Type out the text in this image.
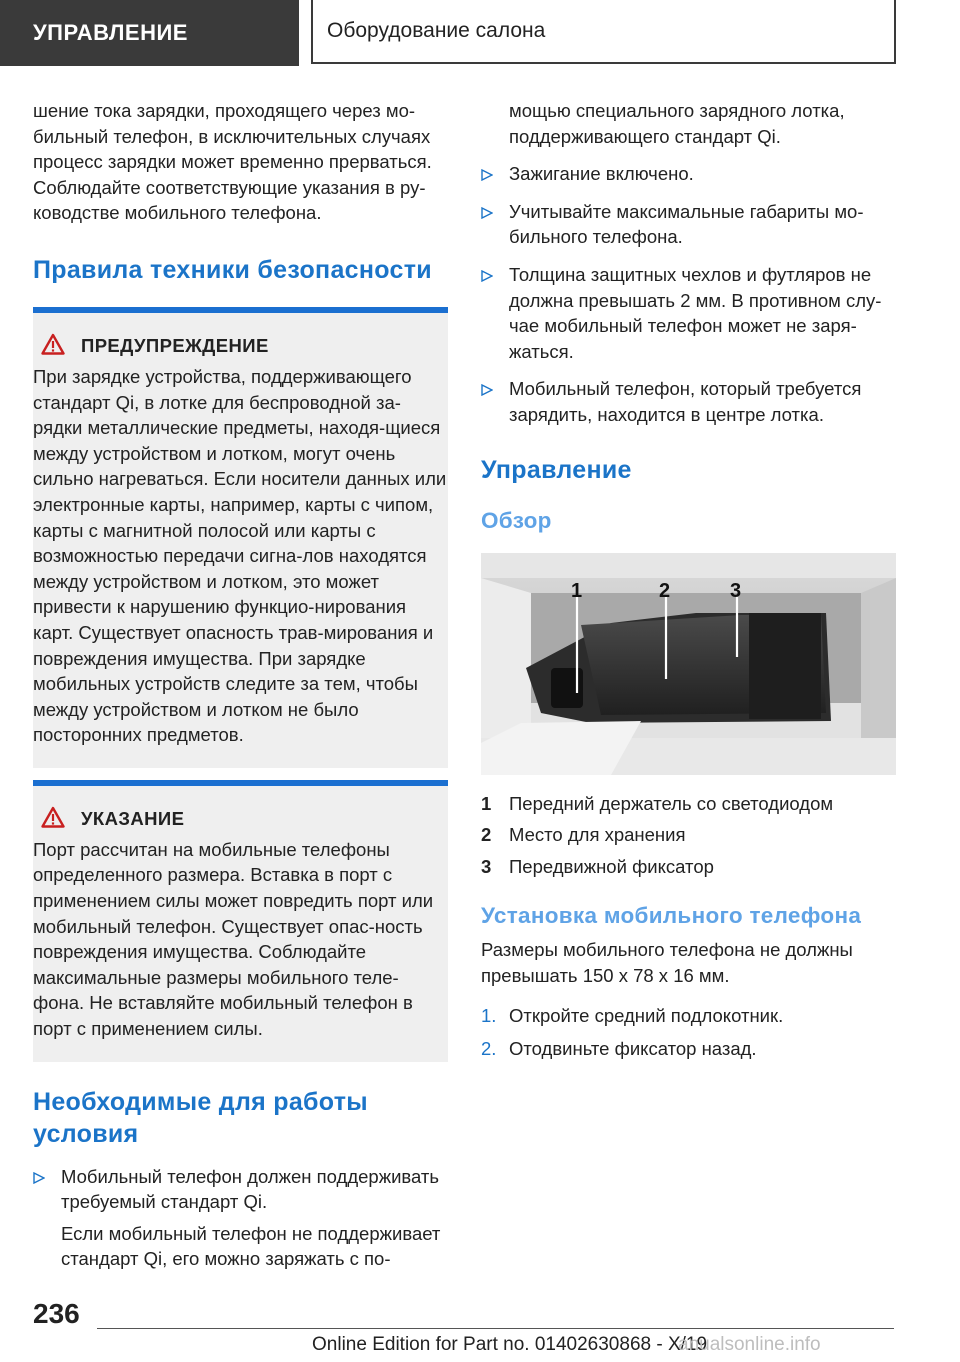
УПРАВЛЕНИЕ	Оборудование салона

шение тока зарядки, проходящего через мо-бильный телефон, в исключительных случаях процесс зарядки может временно прерваться. Соблюдайте соответствующие указания в ру-ководстве мобильного телефона.

Правила техники безопасности
ПРЕДУПРЕЖДЕНИЕ

При зарядке устройства, поддерживающего стандарт Qi, в лотке для беспроводной за-рядки металлические предметы, находя-щиеся между устройством и лотком, могут очень сильно нагреваться. Если носители данных или электронные карты, например, карты с чипом, карты с магнитной полосой или карты с возможностью передачи сигна-лов находятся между устройством и лотком, это может привести к нарушению функцио-нирования карт. Существует опасность трав-мирования и повреждения имущества. При зарядке мобильных устройств следите за тем, чтобы между устройством и лотком не было посторонних предметов.

УКАЗАНИЕ

Порт рассчитан на мобильные телефоны определенного размера. Вставка в порт с применением силы может повредить порт или мобильный телефон. Существует опас-ность повреждения имущества. Соблюдайте максимальные размеры мобильного теле-фона. Не вставляйте мобильный телефон в порт с применением силы.

Необходимые для работы условия
Мобильный телефон должен поддерживать требуемый стандарт Qi.

Если мобильный телефон не поддерживает стандарт Qi, его можно заряжать с по-

мощью специального зарядного лотка, поддерживающего стандарт Qi.

Зажигание включено.
Учитывайте максимальные габариты мо-бильного телефона.
Толщина защитных чехлов и футляров не должна превышать 2 мм. В противном слу-чае мобильный телефон может не заря-жаться.
Мобильный телефон, который требуется зарядить, находится в центре лотка.
Управление
Обзор
1	2	3
1 Передний держатель со светодиодом
2 Место для хранения
3 Передвижной фиксатор
Установка мобильного телефона

Размеры мобильного телефона не должны превышать 150 x 78 x 16 мм.

1. Откройте средний подлокотник.
2. Отодвиньте фиксатор назад.
236
Online Edition for Part no. 01402630868 - X/19
anualsonline.info
